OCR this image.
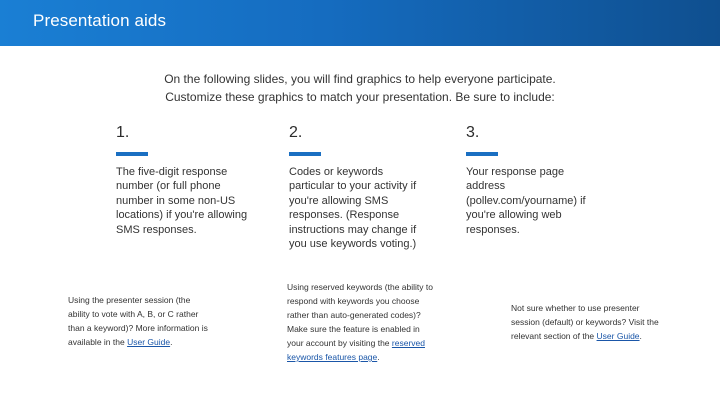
Presentation aids
On the following slides, you will find graphics to help everyone participate.
Customize these graphics to match your presentation. Be sure to include:
1.
The five-digit response number (or full phone number in some non-US locations) if you're allowing SMS responses.
2.
Codes or keywords particular to your activity if you're allowing SMS responses. (Response instructions may change if you use keywords voting.)
3.
Your response page address (pollev.com/yourname) if you're allowing web responses.
Using the presenter session (the ability to vote with A, B, or C rather than a keyword)? More information is available in the User Guide.
Using reserved keywords (the ability to respond with keywords you choose rather than auto-generated codes)? Make sure the feature is enabled in your account by visiting the reserved keywords features page.
Not sure whether to use presenter session (default) or keywords? Visit the relevant section of the User Guide.
